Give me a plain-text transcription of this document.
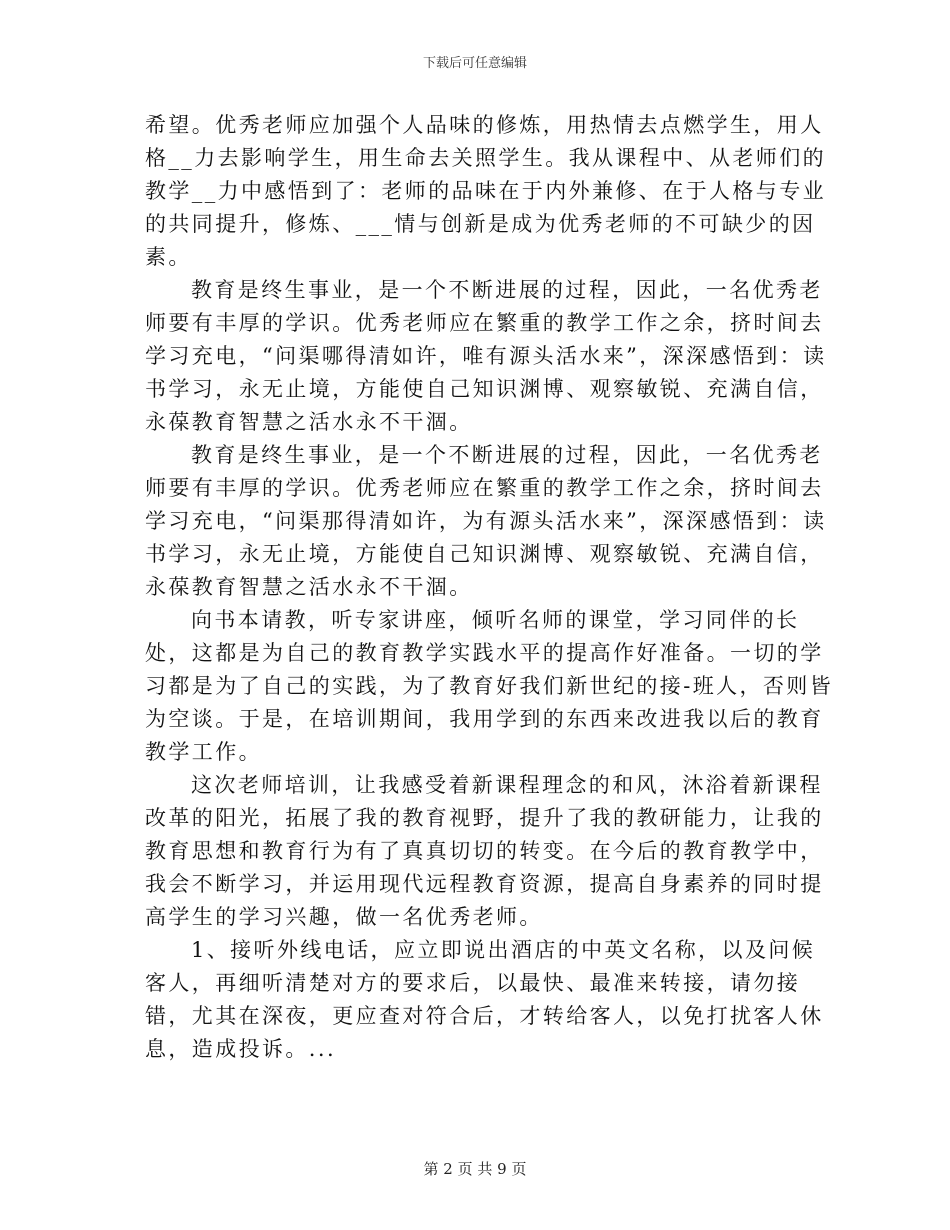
下载后可任意编辑

希望。优秀老师应加强个人品味的修炼，用热情去点燃学生，用人格__力去影响学生，用生命去关照学生。我从课程中、从老师们的教学__力中感悟到了：老师的品味在于内外兼修、在于人格与专业的共同提升，修炼、___情与创新是成为优秀老师的不可缺少的因素。

教育是终生事业，是一个不断进展的过程，因此，一名优秀老师要有丰厚的学识。优秀老师应在繁重的教学工作之余，挤时间去学习充电，“问渠哪得清如许，唯有源头活水来”，深深感悟到：读书学习，永无止境，方能使自己知识渊博、观察敏锐、充满自信，永葆教育智慧之活水永不干涸。

教育是终生事业，是一个不断进展的过程，因此，一名优秀老师要有丰厚的学识。优秀老师应在繁重的教学工作之余，挤时间去学习充电，“问渠那得清如许，为有源头活水来”，深深感悟到：读书学习，永无止境，方能使自己知识渊博、观察敏锐、充满自信，永葆教育智慧之活水永不干涸。

向书本请教，听专家讲座，倾听名师的课堂，学习同伴的长处，这都是为自己的教育教学实践水平的提高作好准备。一切的学习都是为了自己的实践，为了教育好我们新世纪的接-班人，否则皆为空谈。于是，在培训期间，我用学到的东西来改进我以后的教育教学工作。

这次老师培训，让我感受着新课程理念的和风，沐浴着新课程改革的阳光，拓展了我的教育视野，提升了我的教研能力，让我的教育思想和教育行为有了真真切切的转变。在今后的教育教学中，我会不断学习，并运用现代远程教育资源，提高自身素养的同时提高学生的学习兴趣，做一名优秀老师。

1、接听外线电话，应立即说出酒店的中英文名称，以及问候客人，再细听清楚对方的要求后，以最快、最准来转接，请勿接错，尤其在深夜，更应查对符合后，才转给客人，以免打扰客人休息，造成投诉。...

第 2 页 共 9 页
